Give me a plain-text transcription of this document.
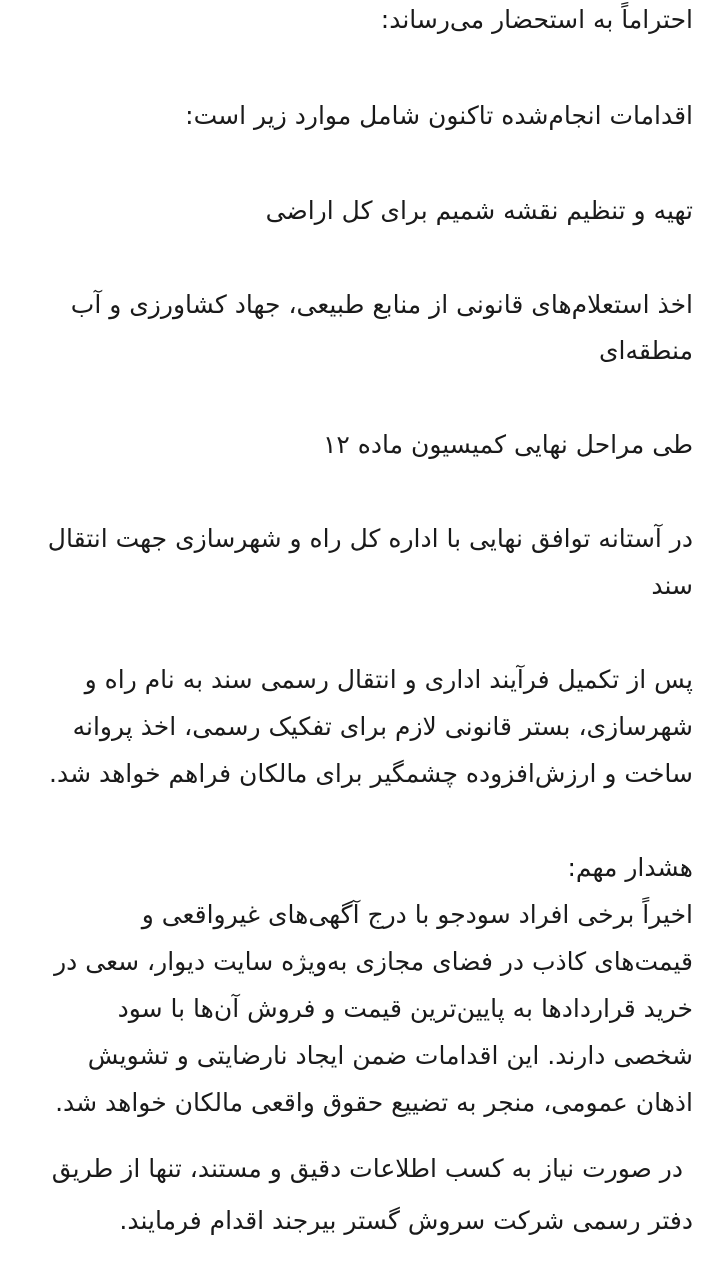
احتراماً به استحضار می‌رساند:
اقدامات انجام‌شده تاکنون شامل موارد زیر است:
تهیه و تنظیم نقشه شمیم برای کل اراضی
اخذ استعلام‌های قانونی از منابع طبیعی، جهاد کشاورزی و آب
منطقه‌ای
طی مراحل نهایی کمیسیون ماده ۱۲
در آستانه توافق نهایی با اداره کل راه و شهرسازی جهت انتقال
سند
پس از تکمیل فرآیند اداری و انتقال رسمی سند به نام راه و
شهرسازی، بستر قانونی لازم برای تفکیک رسمی، اخذ پروانه
ساخت و ارزش‌افزوده چشمگیر برای مالکان فراهم خواهد شد.
هشدار مهم:
اخیراً برخی افراد سودجو با درج آگهی‌های غیرواقعی و
قیمت‌های کاذب در فضای مجازی به‌ویژه سایت دیوار، سعی در
خرید قراردادها به پایین‌ترین قیمت و فروش آن‌ها با سود
شخصی دارند. این اقدامات ضمن ایجاد نارضایتی و تشویش
اذهان عمومی، منجر به تضییع حقوق واقعی مالکان خواهد شد.
در صورت نیاز به کسب اطلاعات دقیق و مستند، تنها از طریق
دفتر رسمی شرکت سروش گستر بیرجند اقدام فرمایند.
